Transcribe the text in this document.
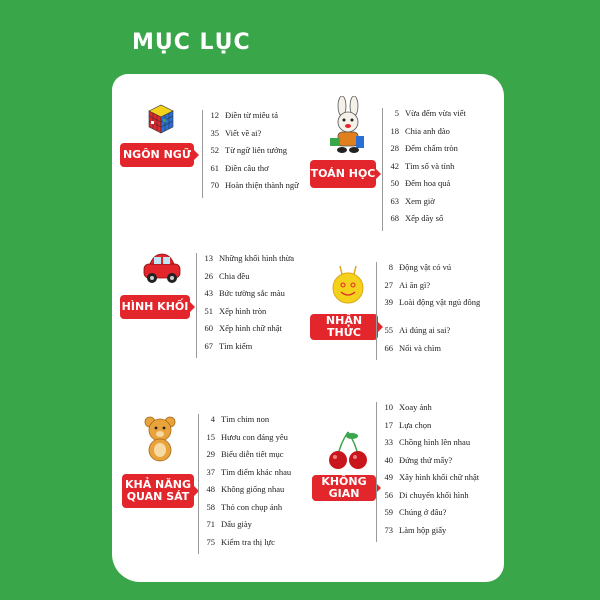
MỤC LỤC
NGÔN NGỮ
12 Điền từ miêu tả
35 Viết về ai?
52 Từ ngữ liên tưởng
61 Điền câu thơ
70 Hoàn thiện thành ngữ
TOÁN HỌC
5 Vừa đếm vừa viết
18 Chia anh đào
28 Đếm chấm tròn
42 Tìm số và tính
50 Đếm hoa quả
63 Xem giờ
68 Xếp dãy số
HÌNH KHỐI
13 Những khối hình thừa
26 Chia đều
43 Bức tường sắc màu
51 Xếp hình tròn
60 Xếp hình chữ nhật
67 Tìm kiếm
NHẬN THỨC
8 Động vật có vú
27 Ai ăn gì?
39 Loài động vật ngủ đông
55 Ai đúng ai sai?
66 Nổi và chìm
KHẢ NĂNG
QUAN SÁT
4 Tìm chim non
15 Hươu con đáng yêu
29 Biểu diễn tiết mục
37 Tìm điểm khác nhau
48 Không giống nhau
58 Thỏ con chụp ảnh
71 Dấu giày
75 Kiểm tra thị lực
KHÔNG GIAN
10 Xoay ảnh
17 Lựa chọn
33 Chồng hình lên nhau
40 Đứng thứ mấy?
49 Xây hình khối chữ nhật
56 Di chuyển khối hình
59 Chúng ở đâu?
73 Làm hộp giấy
